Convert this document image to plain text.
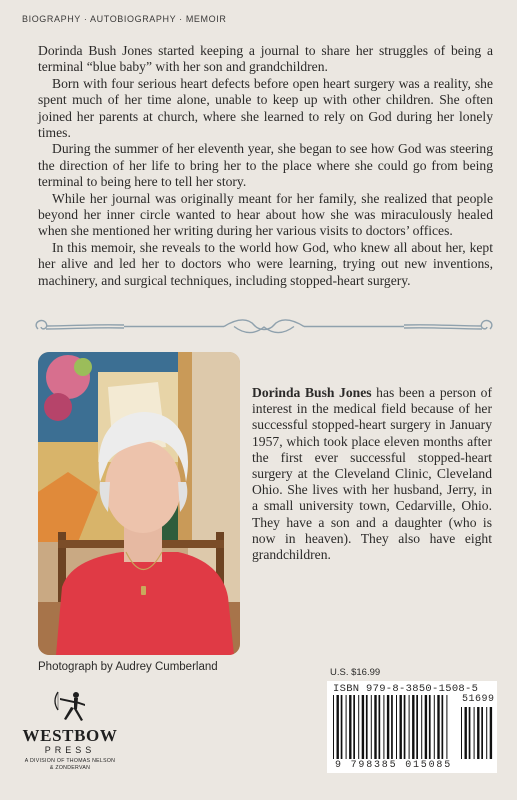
BIOGRAPHY · AUTOBIOGRAPHY · MEMOIR

Dorinda Bush Jones started keeping a journal to share her struggles of being a terminal “blue baby” with her son and grandchildren.

Born with four serious heart defects before open heart surgery was a reality, she spent much of her time alone, unable to keep up with other children. She often joined her parents at church, where she learned to rely on God during her lonely times.

During the summer of her eleventh year, she began to see how God was steering the direction of her life to bring her to the place where she could go from being terminal to being here to tell her story.

While her journal was originally meant for her family, she realized that people beyond her inner circle wanted to hear about how she was miraculously healed when she mentioned her writing during her various visits to doctors’ offices.

In this memoir, she reveals to the world how God, who knew all about her, kept her alive and led her to doctors who were learning, trying out new inventions, machinery, and surgical techniques, including stopped-heart surgery.

Photograph by Audrey Cumberland
Dorinda Bush Jones has been a person of interest in the medical field because of her successful stopped-heart surgery in January 1957, which took place eleven months after the first ever successful stopped-heart surgery at the Cleveland Clinic, Cleveland Ohio. She lives with her husband, Jerry, in a small university town, Cedarville, Ohio. They have a son and a daughter (who is now in heaven). They also have eight grandchildren.
U.S. $16.99
ISBN 979-8-3850-1508-5
51699
9 798385 015085
WESTBOW
PRESS
A DIVISION OF THOMAS NELSON
& ZONDERVAN
